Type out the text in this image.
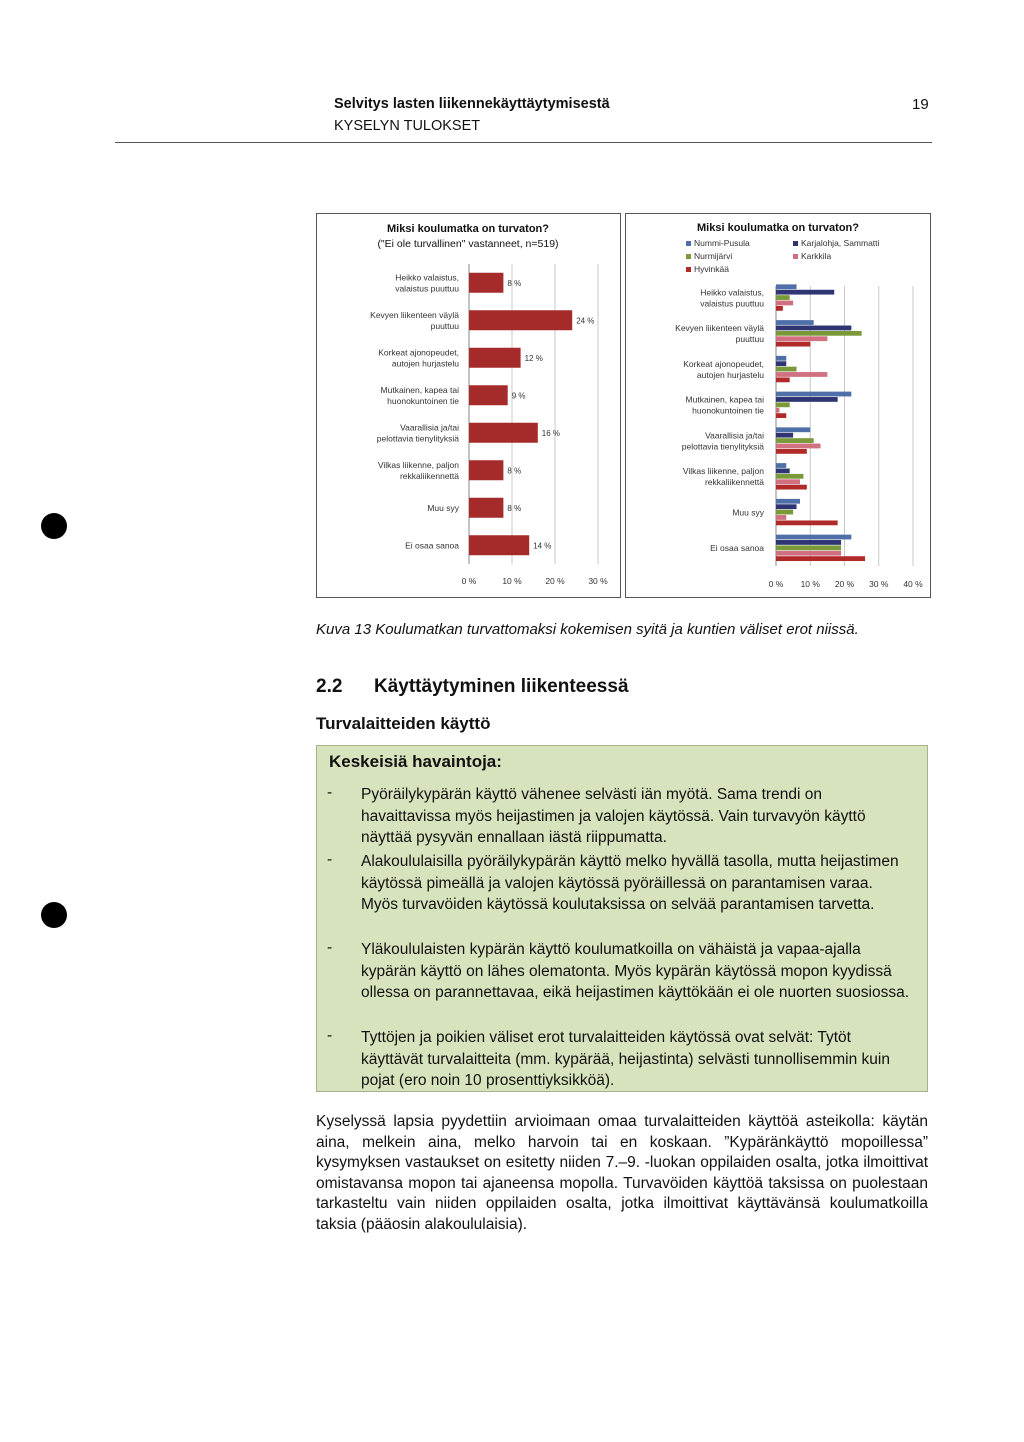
Selvitys lasten liikennekäyttäytymisestä
KYSELYN TULOKSET
19
Miksi koulumatka on turvaton?
("Ei ole turvallinen" vastanneet, n=519)
0 %	10 %	20 %	30 %
Heikko valaistus, valaistus puuttuu	8 %
Kevyen liikenteen väylä puuttuu	24 %
Korkeat ajonopeudet, autojen hurjastelu	12 %
Mutkainen, kapea tai huonokuntoinen tie	9 %
Vaarallisia ja/tai pelottavia tienylityksiä	16 %
Vilkas liikenne, paljon rekkaliikennettä	8 %
Muu syy	8 %
Ei osaa sanoa	14 %
Miksi koulumatka on turvaton?
Nummi-Pusula	Karjalohja, Sammatti
Nurmijärvi	Karkkila
Hyvinkää
0 % 10 % 20 % 30 % 40 %
Heikko valaistus, valaistus puuttuu
Kevyen liikenteen väylä puuttuu
Korkeat ajonopeudet, autojen hurjastelu
Mutkainen, kapea tai huonokuntoinen tie
Vaarallisia ja/tai pelottavia tienylityksiä
Vilkas liikenne, paljon rekkaliikennettä
Muu syy
Ei osaa sanoa
Kuva 13 Koulumatkan turvattomaksi kokemisen syitä ja kuntien väliset erot niissä.
2.2 Käyttäytyminen liikenteessä
Turvalaitteiden käyttö
Keskeisiä havaintoja:
- Pyöräilykypärän käyttö vähenee selvästi iän myötä. Sama trendi on havaittavissa myös heijastimen ja valojen käytössä. Vain turvavyön käyttö näyttää pysyvän ennallaan iästä riippumatta.

- Alakoululaisilla pyöräilykypärän käyttö melko hyvällä tasolla, mutta heijastimen käytössä pimeällä ja valojen käytössä pyöräillessä on parantamisen varaa. Myös turvavöiden käytössä koulutaksissa on selvää parantamisen tarvetta.

- Yläkoululaisten kypärän käyttö koulumatkoilla on vähäistä ja vapaa-ajalla kypärän käyttö on lähes olematonta. Myös kypärän käytössä mopon kyydissä ollessa on parannettavaa, eikä heijastimen käyttökään ei ole nuorten suosiossa.

- Tyttöjen ja poikien väliset erot turvalaitteiden käytössä ovat selvät: Tytöt käyttävät turvalaitteita (mm. kypärää, heijastinta) selvästi tunnollisemmin kuin pojat (ero noin 10 prosenttiyksikköä).

Kyselyssä lapsia pyydettiin arvioimaan omaa turvalaitteiden käyttöä asteikolla: käytän aina, melkein aina, melko harvoin tai en koskaan. ”Kypäränkäyttö mopoillessa” kysymyksen vastaukset on esitetty niiden 7.–9. -luokan oppilaiden osalta, jotka ilmoittivat omistavansa mopon tai ajaneensa mopolla. Turvavöiden käyttöä taksissa on puolestaan tarkasteltu vain niiden oppilaiden osalta, jotka ilmoittivat käyttävänsä koulumatkoilla taksia (pääosin alakoululaisia).
